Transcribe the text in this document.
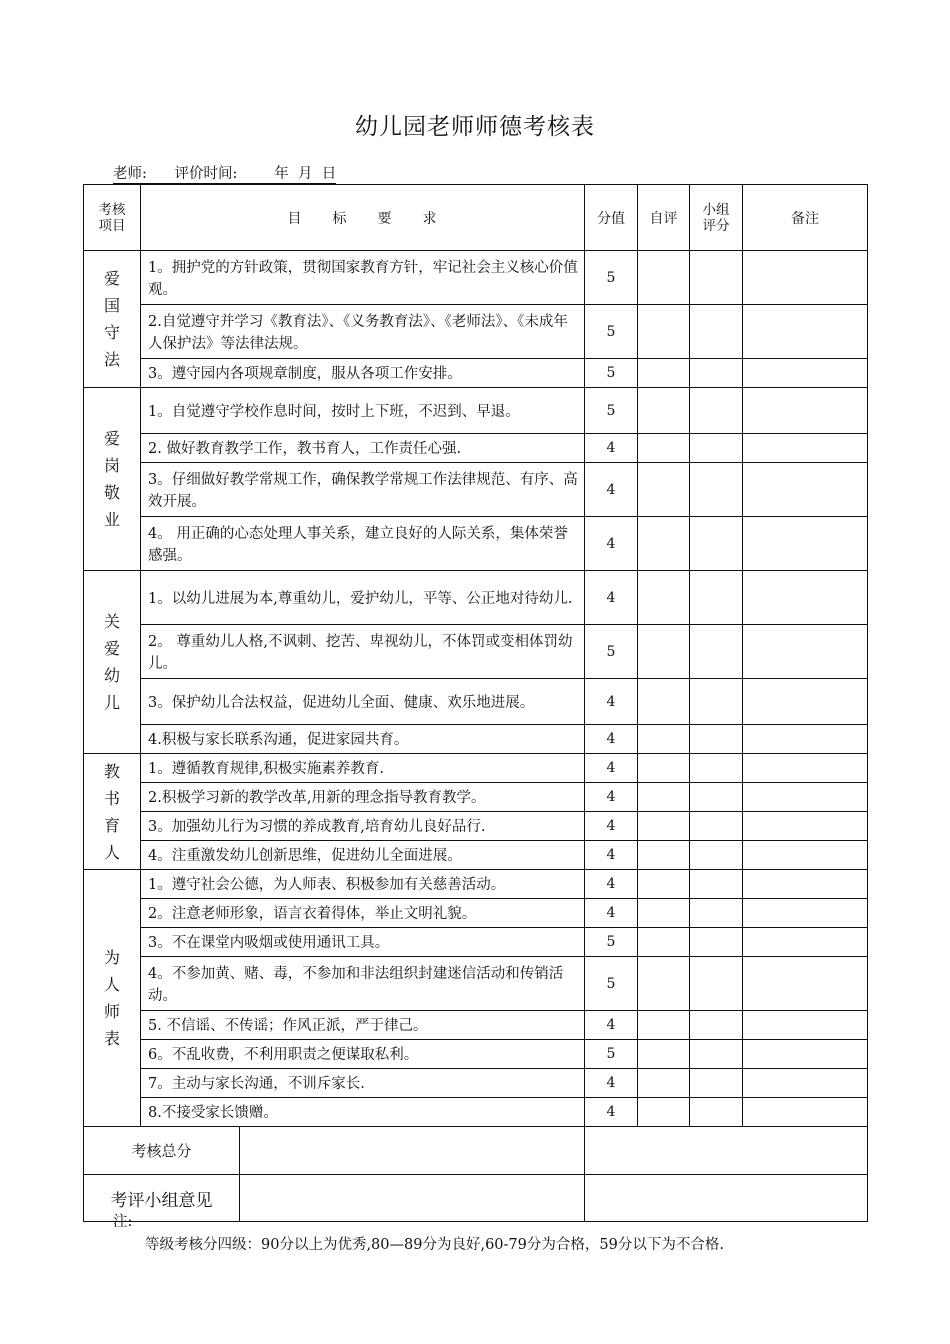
幼儿园老师师德考核表
老师:      评价时间:        年  月  日
考核项目	目　　标　　要　　求	分值	自评	小组评分	备注

爱国守法	1。拥护党的方针政策，贯彻国家教育方针，牢记社会主义核心价值观。	5			
	2.自觉遵守并学习《教育法》、《义务教育法》、《老师法》、《未成年人保护法》等法律法规。	5			
	3。遵守园内各项规章制度，服从各项工作安排。	5			

爱岗敬业	1。自觉遵守学校作息时间，按时上下班，不迟到、早退。	5			
	2. 做好教育教学工作，教书育人，工作责任心强.	4			
	3。仔细做好教学常规工作，确保教学常规工作法律规范、有序、高效开展。	4			
	4。 用正确的心态处理人事关系，建立良好的人际关系，集体荣誉感强。	4			

关爱幼儿	1。以幼儿进展为本,尊重幼儿，爱护幼儿，平等、公正地对待幼儿.	4			
	2。 尊重幼儿人格,不讽刺、挖苦、卑视幼儿，不体罚或变相体罚幼儿。	5			
	3。保护幼儿合法权益，促进幼儿全面、健康、欢乐地进展。	4			
	4.积极与家长联系沟通，促进家园共育。	4			

教书育人	1。遵循教育规律,积极实施素养教育.	4			
	2.积极学习新的教学改革,用新的理念指导教育教学。	4			
	3。加强幼儿行为习惯的养成教育,培育幼儿良好品行.	4			
	4。注重激发幼儿创新思维，促进幼儿全面进展。	4			

为人师表	1。遵守社会公德，为人师表、积极参加有关慈善活动。	4			
	2。注意老师形象，语言衣着得体，举止文明礼貌。	4			
	3。不在课堂内吸烟或使用通讯工具。	5			
	4。不参加黄、赌、毒，不参加和非法组织封建迷信活动和传销活动。	5			
	5. 不信谣、不传谣；作风正派，严于律己。	4			
	6。不乱收费，不利用职责之便谋取私利。	5			
	7。主动与家长沟通，不训斥家长.	4			
	8.不接受家长馈赠。	4			

考核总分					

考评小组意见					

注:
等级考核分四级：90分以上为优秀,80—89分为良好,60-79分为合格，59分以下为不合格.
